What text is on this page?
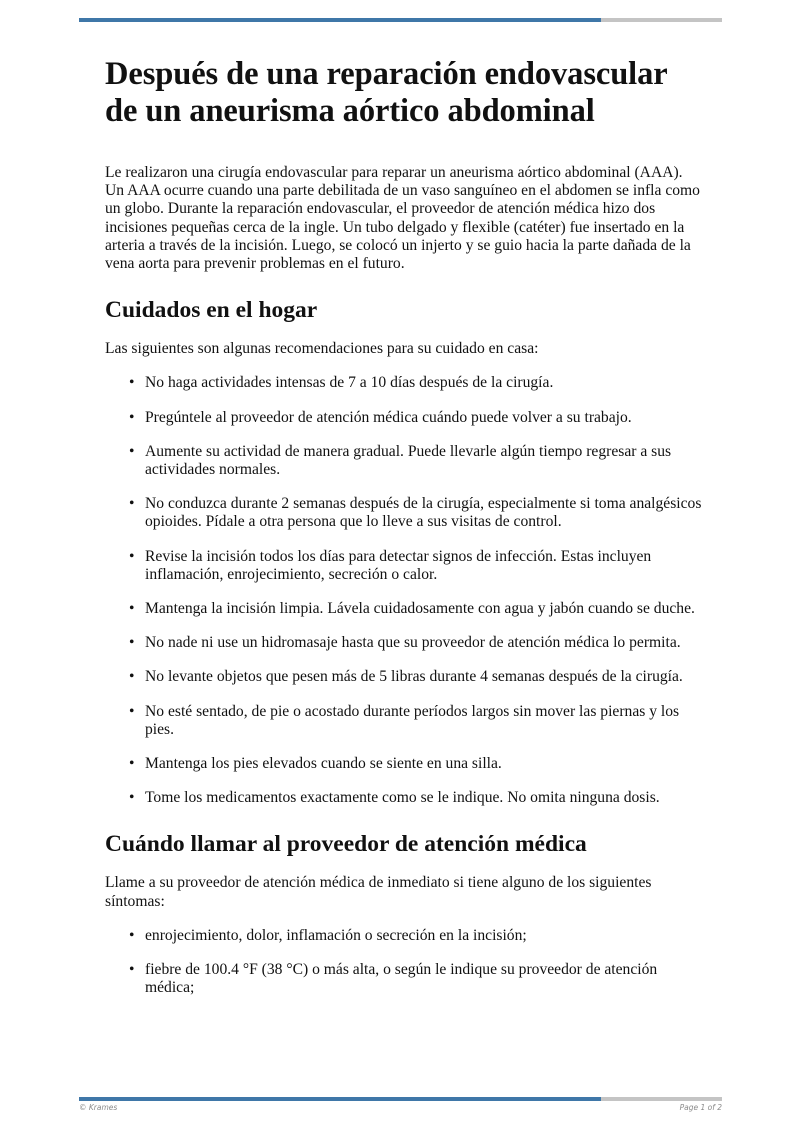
Después de una reparación endovascular de un aneurisma aórtico abdominal

Le realizaron una cirugía endovascular para reparar un aneurisma aórtico abdominal (AAA). Un AAA ocurre cuando una parte debilitada de un vaso sanguíneo en el abdomen se infla como un globo. Durante la reparación endovascular, el proveedor de atención médica hizo dos incisiones pequeñas cerca de la ingle. Un tubo delgado y flexible (catéter) fue insertado en la arteria a través de la incisión. Luego, se colocó un injerto y se guio hacia la parte dañada de la vena aorta para prevenir problemas en el futuro.

Cuidados en el hogar

Las siguientes son algunas recomendaciones para su cuidado en casa:

• No haga actividades intensas de 7 a 10 días después de la cirugía.
• Pregúntele al proveedor de atención médica cuándo puede volver a su trabajo.
• Aumente su actividad de manera gradual. Puede llevarle algún tiempo regresar a sus actividades normales.
• No conduzca durante 2 semanas después de la cirugía, especialmente si toma analgésicos opioides. Pídale a otra persona que lo lleve a sus visitas de control.
• Revise la incisión todos los días para detectar signos de infección. Estas incluyen inflamación, enrojecimiento, secreción o calor.
• Mantenga la incisión limpia. Lávela cuidadosamente con agua y jabón cuando se duche.
• No nade ni use un hidromasaje hasta que su proveedor de atención médica lo permita.
• No levante objetos que pesen más de 5 libras durante 4 semanas después de la cirugía.
• No esté sentado, de pie o acostado durante períodos largos sin mover las piernas y los pies.
• Mantenga los pies elevados cuando se siente en una silla.
• Tome los medicamentos exactamente como se le indique. No omita ninguna dosis.
Cuándo llamar al proveedor de atención médica

Llame a su proveedor de atención médica de inmediato si tiene alguno de los siguientes síntomas:

• enrojecimiento, dolor, inflamación o secreción en la incisión;
• fiebre de 100.4 °F (38 °C) o más alta, o según le indique su proveedor de atención médica;
© Krames	Page 1 of 2
